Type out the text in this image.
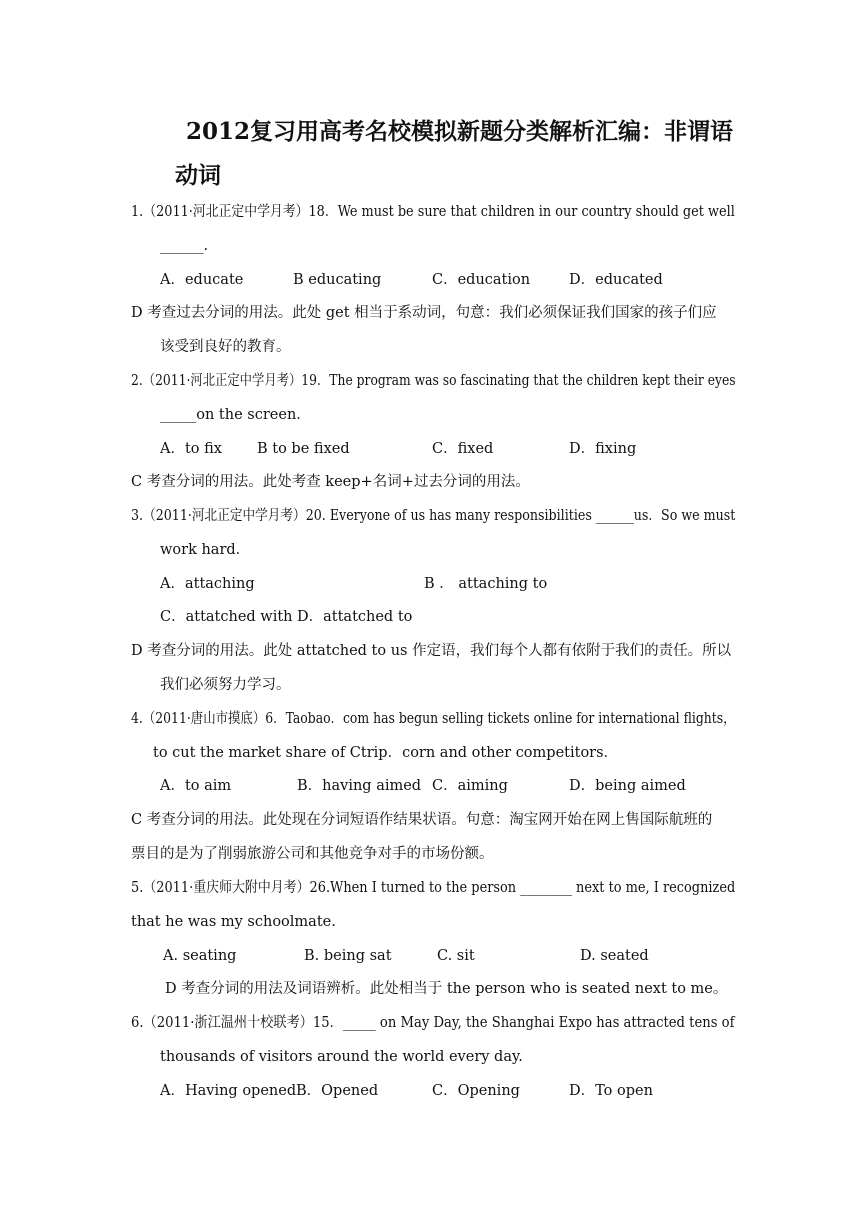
2012复习用高考名校模拟新题分类解析汇编：非谓语
动词
1.（2011·河北正定中学月考）18．We must be sure that children in our country should get well
______.
A．educate	B educating	C．education	D．educated
D 考查过去分词的用法。此处 get 相当于系动词，句意：我们必须保证我们国家的孩子们应
该受到良好的教育。
2.（2011·河北正定中学月考）19．The program was so fascinating that the children kept their eyes
_____on the screen．
A．to fix B to be fixed	C．fixed	D．fixing
C 考查分词的用法。此处考查 keep+名词+过去分词的用法。
3.（2011·河北正定中学月考）20. Everyone of us has many responsibilities ______us．So we must
work hard．
A．attaching	B ． attaching to
C．attatched with D．attatched to
D 考查分词的用法。此处 attatched to us 作定语，我们每个人都有依附于我们的责任。所以
我们必须努力学习。
4.（2011·唐山市摸底）6．Taobao．com has begun selling tickets online for international flights，
to cut the market share of Ctrip．corn and other competitors．
A．to aim	B．having aimed C．aiming	D．being aimed
C 考查分词的用法。此处现在分词短语作结果状语。句意：淘宝网开始在网上售国际航班的
票目的是为了削弱旅游公司和其他竞争对手的市场份额。
5.（2011·重庆师大附中月考）26.When I turned to the person ________ next to me, I recognized
that he was my schoolmate.
A. seating	B. being sat	C. sit	D. seated
D 考查分词的用法及词语辨析。此处相当于 the person who is seated next to me。
6.（2011·浙江温州十校联考）15．_____ on May Day, the Shanghai Expo has attracted tens of
thousands of visitors around the world every day.
A．Having opened B．Opened	C．Opening	D．To open
